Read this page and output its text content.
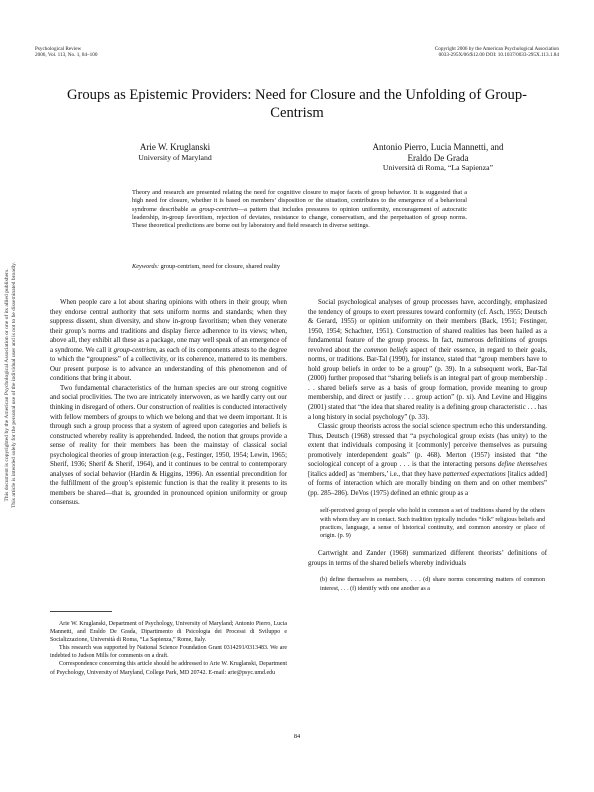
Psychological Review
2006, Vol. 113, No. 1, 84–100
Copyright 2006 by the American Psychological Association
0033-295X/06/$12.00 DOI: 10.1037/0033-295X.113.1.84
Groups as Epistemic Providers: Need for Closure and the Unfolding of Group-Centrism
Arie W. Kruglanski
University of Maryland
Antonio Pierro, Lucia Mannetti, and
Eraldo De Grada
Università di Roma, “La Sapienza”
Theory and research are presented relating the need for cognitive closure to major facets of group behavior. It is suggested that a high need for closure, whether it is based on members’ disposition or the situation, contributes to the emergence of a behavioral syndrome describable as group-centrism—a pattern that includes pressures to opinion uniformity, encouragement of autocratic leadership, in-group favoritism, rejection of deviates, resistance to change, conservatism, and the perpetuation of group norms. These theoretical predictions are borne out by laboratory and field research in diverse settings.
Keywords: group-centrism, need for closure, shared reality
This document is copyrighted by the American Psychological Association or one of its allied publishers. This article is intended solely for the personal use of the individual user and is not to be disseminated broadly.	When people care a lot about sharing opinions with others in their group; when they endorse central authority that sets uniform norms and standards; when they suppress dissent, shun diversity, and show in-group favoritism; when they venerate their group’s norms and traditions and display fierce adherence to its views; when, above all, they exhibit all these as a package, one may well speak of an emergence of a syndrome. We call it group-centrism, as each of its components attests to the degree to which the “groupness” of a collectivity, or its coherence, mattered to its members. Our present purpose is to advance an understanding of this phenomenon and of conditions that bring it about.

Two fundamental characteristics of the human species are our strong cognitive and social proclivities. The two are intricately interwoven, as we hardly carry out our thinking in disregard of others. Our construction of realities is conducted interactively with fellow members of groups to which we belong and that we deem important. It is through such a group process that a system of agreed upon categories and beliefs is constructed whereby reality is apprehended. Indeed, the notion that groups provide a sense of reality for their members has been the mainstay of classical social psychological theories of group interaction (e.g., Festinger, 1950, 1954; Lewin, 1965; Sherif, 1936; Sherif & Sherif, 1964), and it continues to be central to contemporary analyses of social behavior (Hardin & Higgins, 1996). An essential precondition for the fulfillment of the group’s epistemic function is that the reality it presents to its members be shared—that is, grounded in pronounced opinion uniformity or group consensus.

Arie W. Kruglanski, Department of Psychology, University of Maryland; Antonio Pierro, Lucia Mannetti, and Eraldo De Grada, Dipartimento di Psicologia dei Processi di Sviluppo e Socializzazione, Università di Roma, “La Sapienza,” Rome, Italy.

This research was supported by National Science Foundation Grant 0314291/0313483. We are indebted to Judson Mills for comments on a draft.

Correspondence concerning this article should be addressed to Arie W. Kruglanski, Department of Psychology, University of Maryland, College Park, MD 20742. E-mail: arie@psyc.umd.edu

Social psychological analyses of group processes have, accordingly, emphasized the tendency of groups to exert pressures toward conformity (cf. Asch, 1955; Deutsch & Gerard, 1955) or opinion uniformity on their members (Back, 1951; Festinger, 1950, 1954; Schachter, 1951). Construction of shared realities has been hailed as a fundamental feature of the group process. In fact, numerous definitions of groups revolved about the common beliefs aspect of their essence, in regard to their goals, norms, or traditions. Bar-Tal (1990), for instance, stated that “group members have to hold group beliefs in order to be a group” (p. 39). In a subsequent work, Bar-Tal (2000) further proposed that “sharing beliefs is an integral part of group membership . . . shared beliefs serve as a basis of group formation, provide meaning to group membership, and direct or justify . . . group action” (p. xi). And Levine and Higgins (2001) stated that “the idea that shared reality is a defining group characteristic . . . has a long history in social psychology” (p. 33).

Classic group theorists across the social science spectrum echo this understanding. Thus, Deutsch (1968) stressed that “a psychological group exists (has unity) to the extent that individuals composing it [commonly] perceive themselves as pursuing promotively interdependent goals” (p. 468). Merton (1957) insisted that “the sociological concept of a group . . . is that the interacting persons define themselves [italics added] as ‘members,’ i.e., that they have patterned expectations [italics added] of forms of interaction which are morally binding on them and on other members” (pp. 285–286). DeVos (1975) defined an ethnic group as a

self-perceived group of people who hold in common a set of traditions shared by the others with whom they are in contact. Such tradition typically includes “folk” religious beliefs and practices, language, a sense of historical continuity, and common ancestry or place of origin. (p. 9)

Cartwright and Zander (1968) summarized different theorists’ definitions of groups in terms of the shared beliefs whereby individuals

(b) define themselves as members, . . . (d) share norms concerning matters of common interest, . . . (f) identify with one another as a

84
